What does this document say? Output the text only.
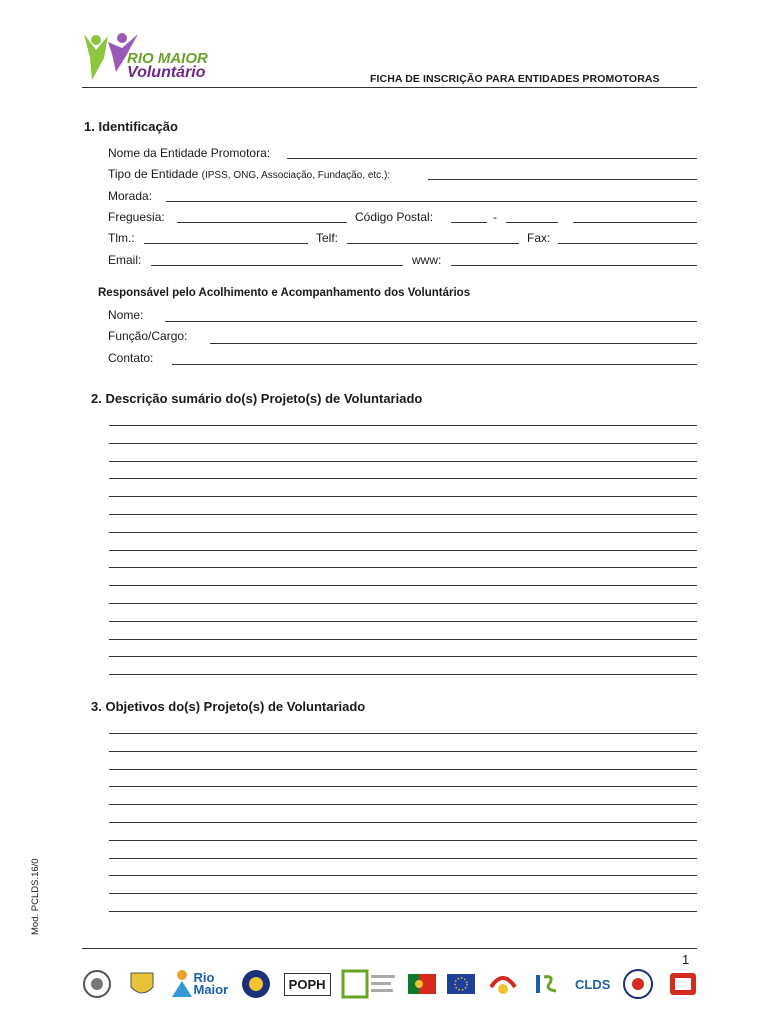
RIO MAIOR
Voluntário	FICHA DE INSCRIÇÃO PARA ENTIDADES PROMOTORAS
1. Identificação
Nome da Entidade Promotora:
Tipo de Entidade (IPSS, ONG, Associação, Fundação, etc.):
Morada:
Freguesia:	Código Postal:	-
Tlm.:	Telf:	Fax:
Email:	www:
Responsável pelo Acolhimento e Acompanhamento dos Voluntários
Nome:
Função/Cargo:
Contato:
2. Descrição sumário do(s) Projeto(s) de Voluntariado
3. Objetivos do(s) Projeto(s) de Voluntariado
Mod. PCLDS.16/0
1
Rio
Maior	POPH	CLDS
